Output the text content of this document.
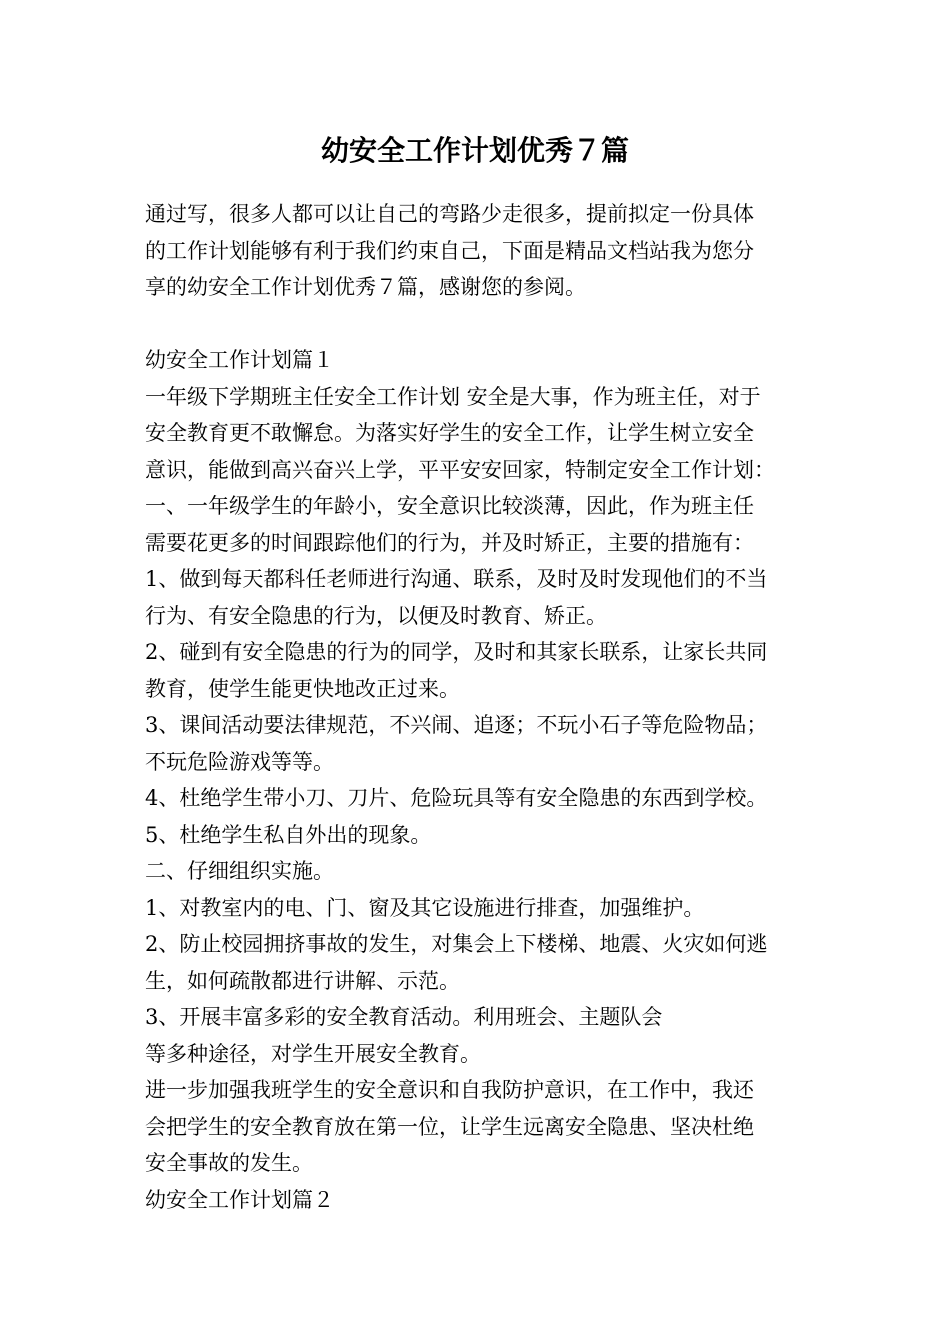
幼安全工作计划优秀７篇

通过写，很多人都可以让自己的弯路少走很多，提前拟定一份具体

的工作计划能够有利于我们约束自己，下面是精品文档站我为您分

享的幼安全工作计划优秀７篇，感谢您的参阅。

幼安全工作计划篇１

一年级下学期班主任安全工作计划 安全是大事，作为班主任，对于

安全教育更不敢懈怠。为落实好学生的安全工作，让学生树立安全

意识，能做到高兴奋兴上学，平平安安回家，特制定安全工作计划：

一、一年级学生的年龄小，安全意识比较淡薄，因此，作为班主任

需要花更多的时间跟踪他们的行为，并及时矫正，主要的措施有：

1、做到每天都科任老师进行沟通、联系，及时及时发现他们的不当

行为、有安全隐患的行为，以便及时教育、矫正。

2、碰到有安全隐患的行为的同学，及时和其家长联系，让家长共同

教育，使学生能更快地改正过来。

3、课间活动要法律规范，不兴闹、追逐；不玩小石子等危险物品；

不玩危险游戏等等。

4、杜绝学生带小刀、刀片、危险玩具等有安全隐患的东西到学校。

5、杜绝学生私自外出的现象。

二、仔细组织实施。

1、对教室内的电、门、窗及其它设施进行排查，加强维护。

2、防止校园拥挤事故的发生，对集会上下楼梯、地震、火灾如何逃

生，如何疏散都进行讲解、示范。

3、开展丰富多彩的安全教育活动。利用班会、主题队会

等多种途径，对学生开展安全教育。

进一步加强我班学生的安全意识和自我防护意识，在工作中，我还

会把学生的安全教育放在第一位，让学生远离安全隐患、坚决杜绝

安全事故的发生。

幼安全工作计划篇２
